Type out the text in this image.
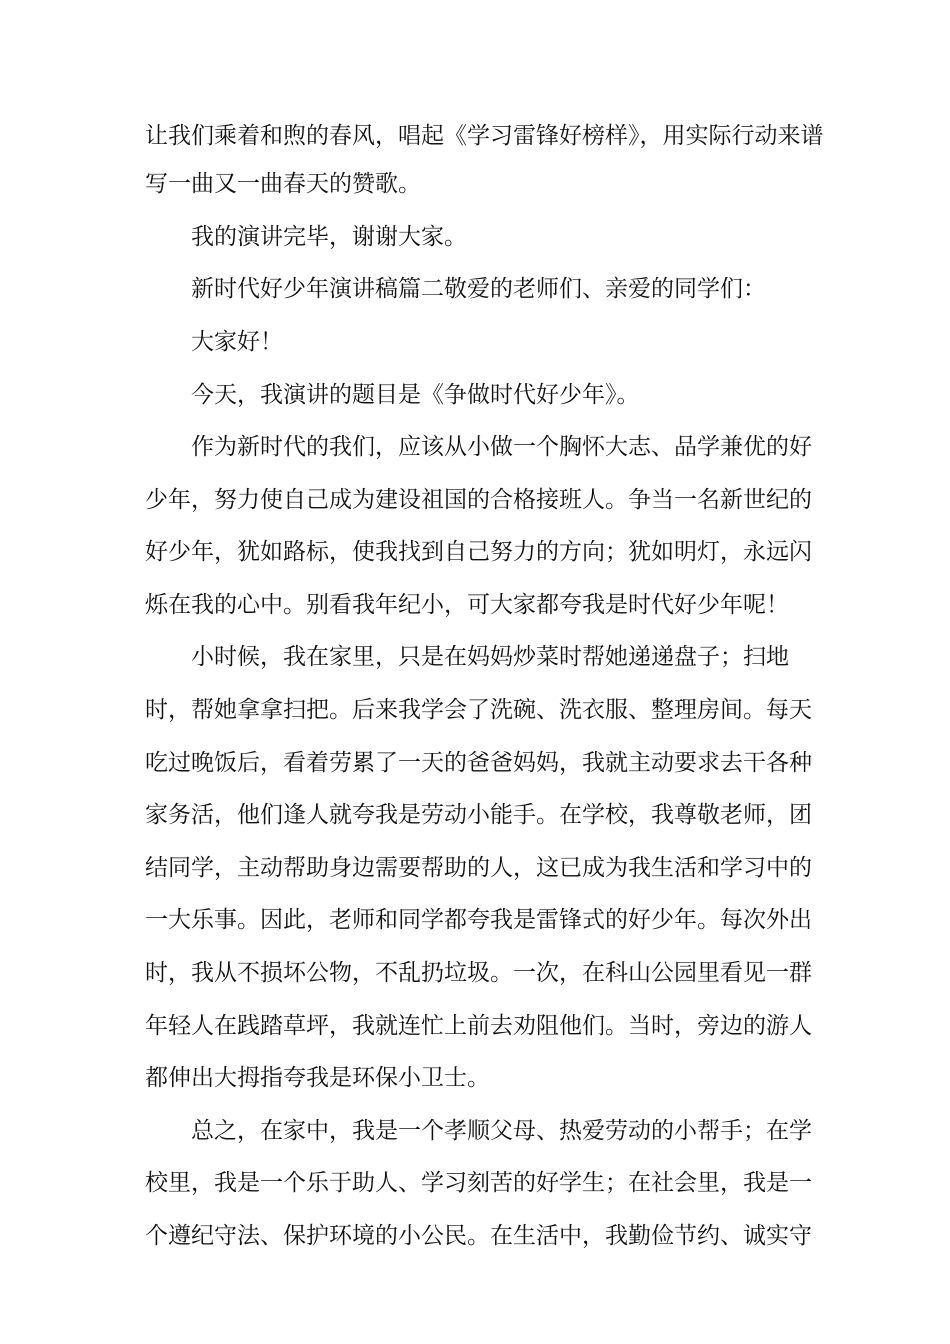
让我们乘着和煦的春风，唱起《学习雷锋好榜样》，用实际行动来谱
写一曲又一曲春天的赞歌。
我的演讲完毕，谢谢大家。
新时代好少年演讲稿篇二敬爱的老师们、亲爱的同学们：
大家好！
今天，我演讲的题目是《争做时代好少年》。
作为新时代的我们，应该从小做一个胸怀大志、品学兼优的好
少年，努力使自己成为建设祖国的合格接班人。争当一名新世纪的
好少年，犹如路标，使我找到自己努力的方向；犹如明灯，永远闪
烁在我的心中。别看我年纪小，可大家都夸我是时代好少年呢！
小时候，我在家里，只是在妈妈炒菜时帮她递递盘子；扫地
时，帮她拿拿扫把。后来我学会了洗碗、洗衣服、整理房间。每天
吃过晚饭后，看着劳累了一天的爸爸妈妈，我就主动要求去干各种
家务活，他们逢人就夸我是劳动小能手。在学校，我尊敬老师，团
结同学，主动帮助身边需要帮助的人，这已成为我生活和学习中的
一大乐事。因此，老师和同学都夸我是雷锋式的好少年。每次外出
时，我从不损坏公物，不乱扔垃圾。一次，在科山公园里看见一群
年轻人在践踏草坪，我就连忙上前去劝阻他们。当时，旁边的游人
都伸出大拇指夸我是环保小卫士。
总之，在家中，我是一个孝顺父母、热爱劳动的小帮手；在学
校里，我是一个乐于助人、学习刻苦的好学生；在社会里，我是一
个遵纪守法、保护环境的小公民。在生活中，我勤俭节约、诚实守
